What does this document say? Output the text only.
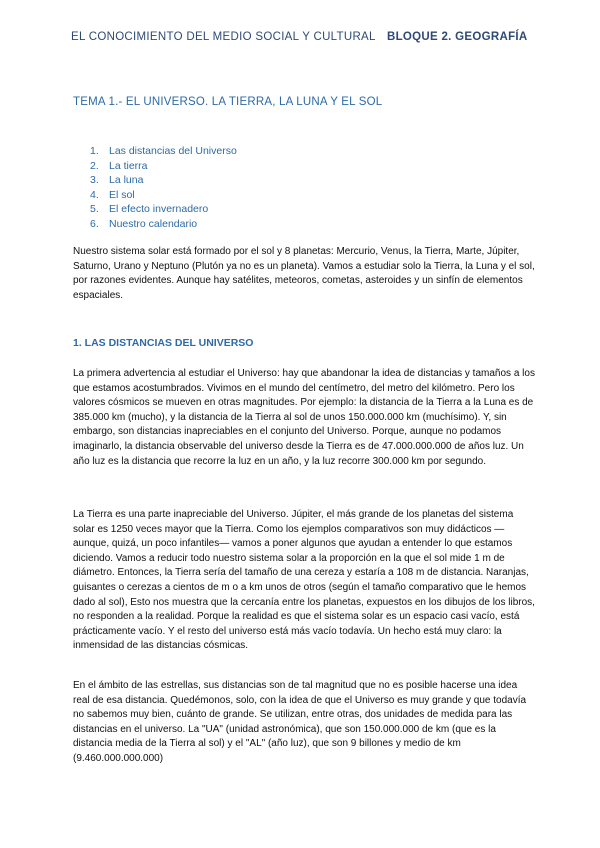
EL CONOCIMIENTO DEL MEDIO SOCIAL Y CULTURAL BLOQUE 2. GEOGRAFÍA
TEMA 1.- EL UNIVERSO. LA TIERRA, LA LUNA Y EL SOL
1. Las distancias del Universo
2. La tierra
3. La luna
4. El sol
5. El efecto invernadero
6. Nuestro calendario

Nuestro sistema solar está formado por el sol y 8 planetas: Mercurio, Venus, la Tierra, Marte, Júpiter, Saturno, Urano y Neptuno (Plutón ya no es un planeta). Vamos a estudiar solo la Tierra, la Luna y el sol, por razones evidentes. Aunque hay satélites, meteoros, cometas, asteroides y un sinfín de elementos espaciales.

1. LAS DISTANCIAS DEL UNIVERSO

La primera advertencia al estudiar el Universo: hay que abandonar la idea de distancias y tamaños a los que estamos acostumbrados. Vivimos en el mundo del centímetro, del metro del kilómetro. Pero los valores cósmicos se mueven en otras magnitudes. Por ejemplo: la distancia de la Tierra a la Luna es de 385.000 km (mucho), y la distancia de la Tierra al sol de unos 150.000.000 km (muchísimo). Y, sin embargo, son distancias inapreciables en el conjunto del Universo. Porque, aunque no podamos imaginarlo, la distancia observable del universo desde la Tierra es de 47.000.000.000 de años luz. Un año luz es la distancia que recorre la luz en un año, y la luz recorre 300.000 km por segundo.

La Tierra es una parte inapreciable del Universo. Júpiter, el más grande de los planetas del sistema solar es 1250 veces mayor que la Tierra. Como los ejemplos comparativos son muy didácticos —aunque, quizá, un poco infantiles— vamos a poner algunos que ayudan a entender lo que estamos diciendo. Vamos a reducir todo nuestro sistema solar a la proporción en la que el sol mide 1 m de diámetro. Entonces, la Tierra sería del tamaño de una cereza y estaría a 108 m de distancia. Naranjas, guisantes o cerezas a cientos de m o a km unos de otros (según el tamaño comparativo que le hemos dado al sol), Esto nos muestra que la cercanía entre los planetas, expuestos en los dibujos de los libros, no responden a la realidad. Porque la realidad es que el sistema solar es un espacio casi vacío, está prácticamente vacío. Y el resto del universo está más vacío todavía. Un hecho está muy claro: la inmensidad de las distancias cósmicas.

En el ámbito de las estrellas, sus distancias son de tal magnitud que no es posible hacerse una idea real de esa distancia. Quedémonos, solo, con la idea de que el Universo es muy grande y que todavía no sabemos muy bien, cuánto de grande. Se utilizan, entre otras, dos unidades de medida para las distancias en el universo. La "UA" (unidad astronómica), que son 150.000.000 de km (que es la distancia media de la Tierra al sol) y el "AL" (año luz), que son 9 billones y medio de km (9.460.000.000.000)
